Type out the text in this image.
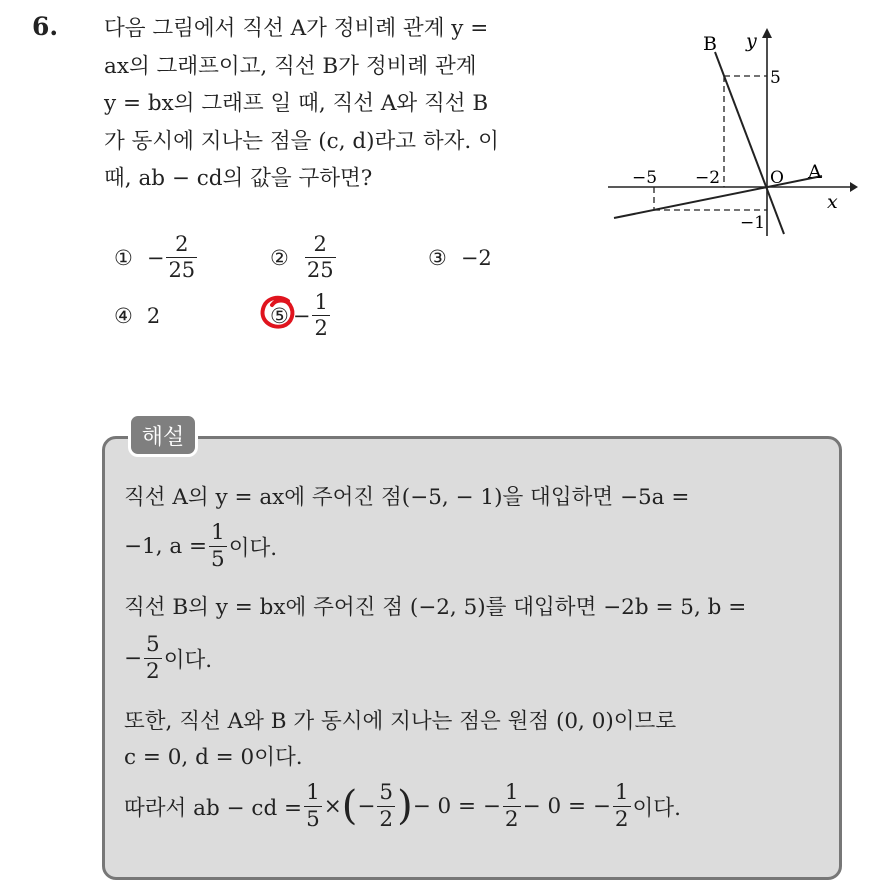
6. 다음 그림에서 직선 A가 정비례 관계 y =
ax의 그래프이고, 직선 B가 정비례 관계
y = bx의 그래프 일 때, 직선 A와 직선 B
가 동시에 지나는 점을 (c, d)라고 하자. 이
때, ab − cd의 값을 구하면?
B y
5
−5 −2	O A
x
−1
① − $\frac{2}{25}$	② $\frac{2}{25}$	③ −2
④ 2	⑤ − $\frac{1}{2}$
해설
직선 A의 y = ax에 주어진 점(−5, − 1)을 대입하면 −5a =
−1, $a = \frac{1}{5}$ 이다.
직선 B의 y = bx에 주어진 점 (−2, 5)를 대입하면 −2b = 5, b =
− $\frac{5}{2}$ 이다.
또한, 직선 A와 B 가 동시에 지나는 점은 원점 (0, 0)이므로
c = 0, d = 0이다.
따라서 ab − cd = $\frac{1}{5}$ × ( − $\frac{5}{2}$ ) − 0 = − $\frac{1}{2} - 0$ = − $\frac{1}{2}$ 이다.
